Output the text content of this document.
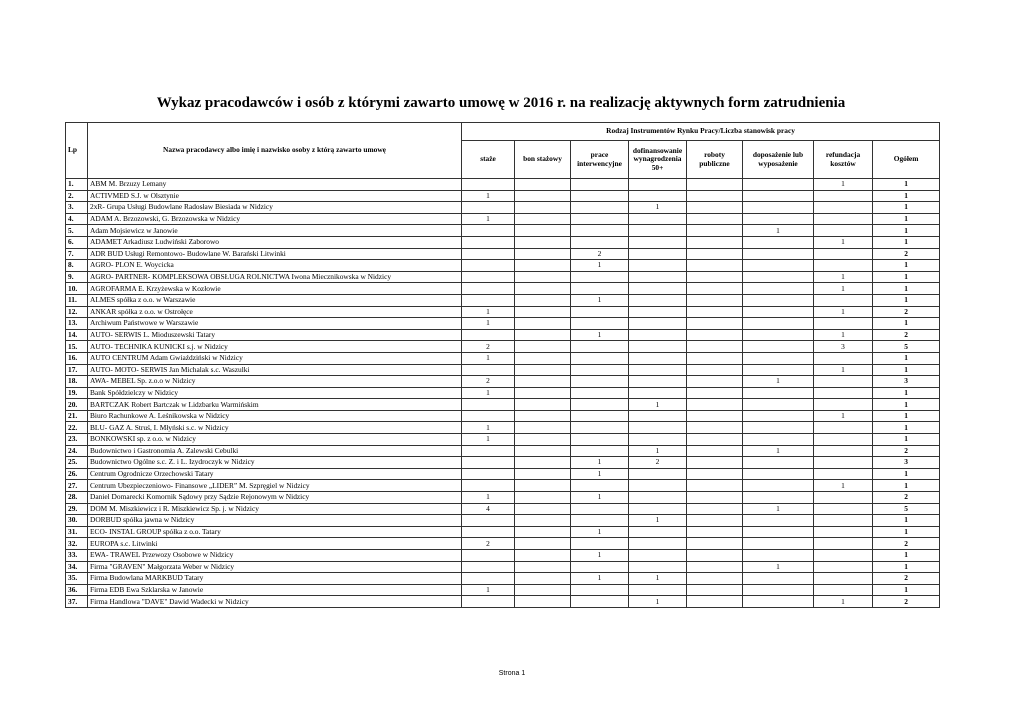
Wykaz pracodawców i osób z którymi zawarto umowę w 2016 r. na realizację aktywnych form zatrudnienia
Lp	Nazwa pracodawcy albo imię i nazwisko osoby z którą zawarto umowę	Rodzaj Instrumentów Rynku Pracy/Liczba stanowisk pracy							
		staże	bon stażowy	prace interwencyjne	dofinansowanie wynagrodzenia 50+	roboty publiczne	doposażenie lub wyposażenie	refundacja kosztów	Ogółem
1.	ABM M. Brzuzy Lemany							1	1
2.	ACTIVMED S.J. w Olsztynie	1							1
3.	2xR- Grupa Usługi Budowlane Radosław Biesiada w Nidzicy				1				1
4.	ADAM A. Brzozowski, G. Brzozowska w Nidzicy	1							1
5.	Adam Mojsiewicz w Janowie						1		1
6.	ADAMET Arkadiusz Ludwiński Zaborowo							1	1
7.	ADR BUD Usługi Remontowo- Budowlane W. Barański Litwinki			2					2
8.	AGRO- PLON E. Woycicka			1					1
9.	AGRO- PARTNER- KOMPLEKSOWA OBSŁUGA ROLNICTWA Iwona Miecznikowska w Nidzicy							1	1
10.	AGROFARMA E. Krzyżewska w Kozłowie							1	1
11.	ALMES spółka z o.o. w Warszawie			1					1
12.	ANKAR spółka z o.o. w Ostrołęce	1						1	2
13.	Archiwum Państwowe w Warszawie	1							1
14.	AUTO- SERWIS L. Mioduszewski Tatary			1				1	2
15.	AUTO- TECHNIKA KUNICKI s.j. w Nidzicy	2						3	5
16.	AUTO CENTRUM Adam Gwiaździński w Nidzicy	1							1
17.	AUTO- MOTO- SERWIS Jan Michalak s.c. Waszulki							1	1
18.	AWA- MEBEL Sp. z.o.o w Nidzicy	2					1		3
19.	Bank Spółdzielczy w Nidzicy	1							1
20.	BARTCZAK Robert Bartczak w Lidzbarku Warmińskim				1				1
21.	Biuro Rachunkowe A. Leśnikowska w Nidzicy							1	1
22.	BLU- GAZ A. Struś, I. Młyński s.c. w Nidzicy	1							1
23.	BONKOWSKI sp. z o.o. w Nidzicy	1							1
24.	Budownictwo i Gastronomia A. Zalewski Cebulki				1		1		2
25.	Budownictwo Ogólne s.c. Z. i L. Izydroczyk w Nidzicy			1	2				3
26.	Centrum Ogrodnicze Orzechowski Tatary			1					1
27.	Centrum Ubezpieczeniowo- Finansowe „LIDER” M. Szpręgiel w Nidzicy							1	1
28.	Daniel Domarecki Komornik Sądowy przy Sądzie Rejonowym w Nidzicy	1		1					2
29.	DOM M. Miszkiewicz i R. Miszkiewicz Sp. j. w Nidzicy	4					1		5
30.	DORBUD spółka jawna w Nidzicy				1				1
31.	ECO- INSTAL GROUP spółka z o.o. Tatary			1					1
32.	EUROPA s.c. Litwinki	2							2
33.	EWA- TRAWEL Przewozy Osobowe w Nidzicy			1					1
34.	Firma "GRAVEN" Małgorzata Weber w Nidzicy						1		1
35.	Firma Budowlana MARKBUD Tatary			1	1				2
36.	Firma EDB Ewa Szklarska w Janowie	1							1
37.	Firma Handlowa "DAVE" Dawid Wadecki w Nidzicy				1			1	2
Strona 1
